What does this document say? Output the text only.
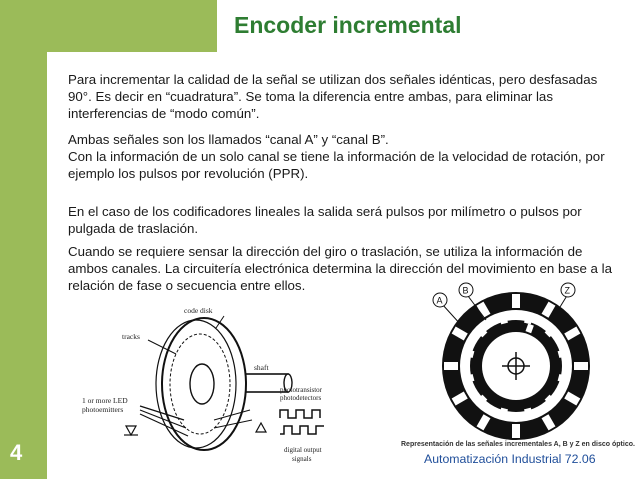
4
Encoder incremental

Para incrementar la calidad de la señal se utilizan dos señales idénticas, pero desfasadas 90°. Es decir en “cuadratura”. Se toma la diferencia entre ambas, para eliminar las interferencias de “modo común”.

Ambas señales son los llamados “canal A” y “canal B”.
Con la información de un solo canal se tiene la información de la velocidad de rotación, por ejemplo los pulsos por revolución (PPR).

En el caso de los codificadores lineales la salida será pulsos por milímetro o pulsos por pulgada de traslación.

Cuando se requiere sensar la dirección del giro o traslación, se utiliza la información de ambos canales. La circuitería electrónica determina la dirección del movimiento en base a la relación de fase o secuencia entre ellos.

code disk
tracks
shaft
1 or more LED
photoemitters
phototransistor
photodetectors
digital output
signals
A
B	Z
Representación de las señales incrementales A, B y Z en disco óptico.
Automatización Industrial 72.06
